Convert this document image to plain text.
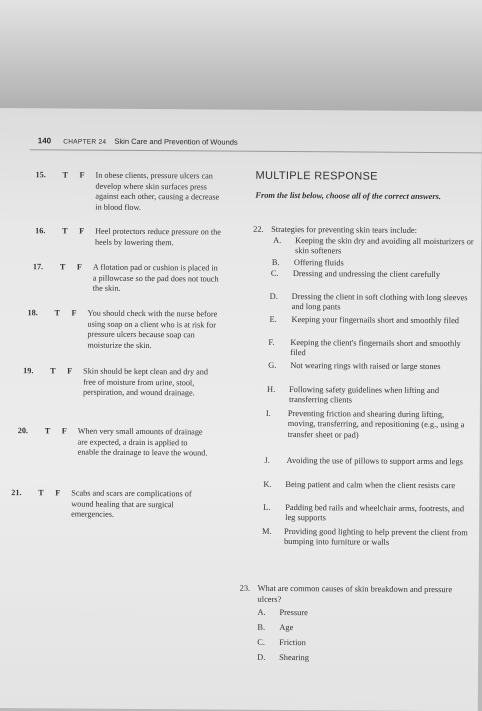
140 CHAPTER 24 Skin Care and Prevention of Wounds
15.	T F In obese clients, pressure ulcers can develop where skin surfaces press against each other, causing a decrease in blood flow.
16.	T F Heel protectors reduce pressure on the heels by lowering them.
17.	T F A flotation pad or cushion is placed in a pillowcase so the pad does not touch the skin.
18.	T F You should check with the nurse before using soap on a client who is at risk for pressure ulcers because soap can moisturize the skin.
19.	T F Skin should be kept clean and dry and free of moisture from urine, stool, perspiration, and wound drainage.
20.	T F When very small amounts of drainage are expected, a drain is applied to enable the drainage to leave the wound.
21.	T F Scabs and scars are complications of wound healing that are surgical emergencies.
MULTIPLE RESPONSE
From the list below, choose all of the correct answers.
22. Strategies for preventing skin tears include:
A.	Keeping the skin dry and avoiding all moisturizers or skin softeners
B.	Offering fluids
C.	Dressing and undressing the client carefully
D.	Dressing the client in soft clothing with long sleeves and long pants
E.	Keeping your fingernails short and smoothly filed
F.	Keeping the client's fingernails short and smoothly filed
G.	Not wearing rings with raised or large stones
H.	Following safety guidelines when lifting and transferring clients
I.	Preventing friction and shearing during lifting, moving, transferring, and repositioning (e.g., using a transfer sheet or pad)
J.	Avoiding the use of pillows to support arms and legs
K.	Being patient and calm when the client resists care
L.	Padding bed rails and wheelchair arms, footrests, and leg supports
M.	Providing good lighting to help prevent the client from bumping into furniture or walls
23. What are common causes of skin breakdown and pressure ulcers?
A.	Pressure
B.	Age
C.	Friction
D.	Shearing
